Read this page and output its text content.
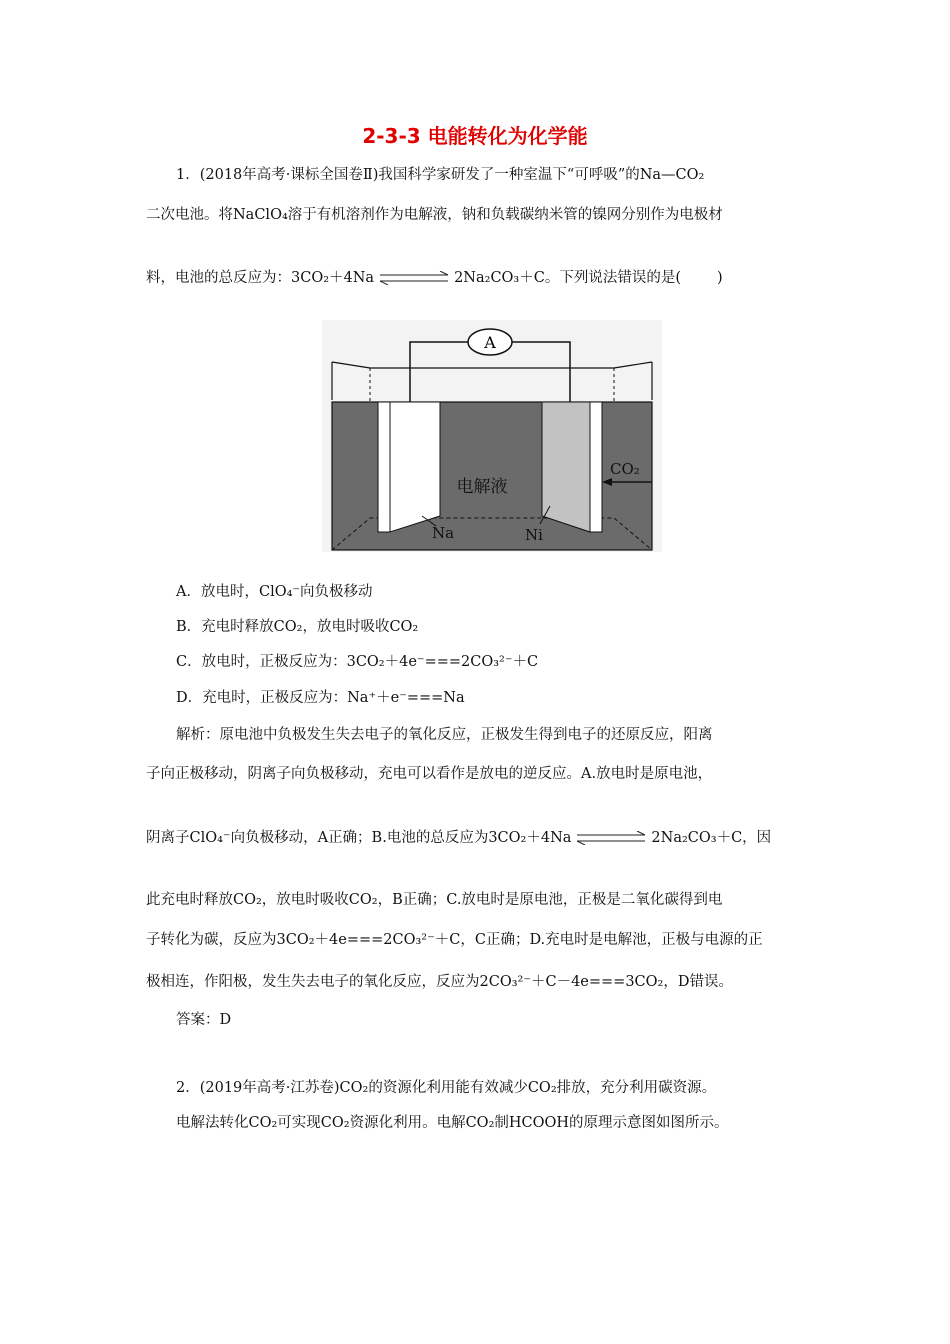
2-3-3 电能转化为化学能
1．(2018年高考·课标全国卷Ⅱ)我国科学家研发了一种室温下“可呼吸”的Na—CO₂
二次电池。将NaClO₄溶于有机溶剂作为电解液，钠和负载碳纳米管的镍网分别作为电极材
料，电池的总反应为：3CO₂＋4Na	2Na₂CO₃＋C。下列说法错误的是( )
A
电解液
Na	Ni
CO₂
A．放电时，ClO₄⁻向负极移动
B．充电时释放CO₂，放电时吸收CO₂
C．放电时，正极反应为：3CO₂＋4e⁻===2CO₃²⁻＋C
D．充电时，正极反应为：Na⁺＋e⁻===Na
解析：原电池中负极发生失去电子的氧化反应，正极发生得到电子的还原反应，阳离
子向正极移动，阴离子向负极移动，充电可以看作是放电的逆反应。A.放电时是原电池，
阴离子ClO₄⁻向负极移动，A正确；B.电池的总反应为3CO₂＋4Na	2Na₂CO₃＋C，因
此充电时释放CO₂，放电时吸收CO₂，B正确；C.放电时是原电池，正极是二氧化碳得到电
子转化为碳，反应为3CO₂＋4e===2CO₃²⁻＋C，C正确；D.充电时是电解池，正极与电源的正
极相连，作阳极，发生失去电子的氧化反应，反应为2CO₃²⁻＋C－4e===3CO₂，D错误。
答案：D
2．(2019年高考·江苏卷)CO₂的资源化利用能有效减少CO₂排放，充分利用碳资源。
电解法转化CO₂可实现CO₂资源化利用。电解CO₂制HCOOH的原理示意图如图所示。
